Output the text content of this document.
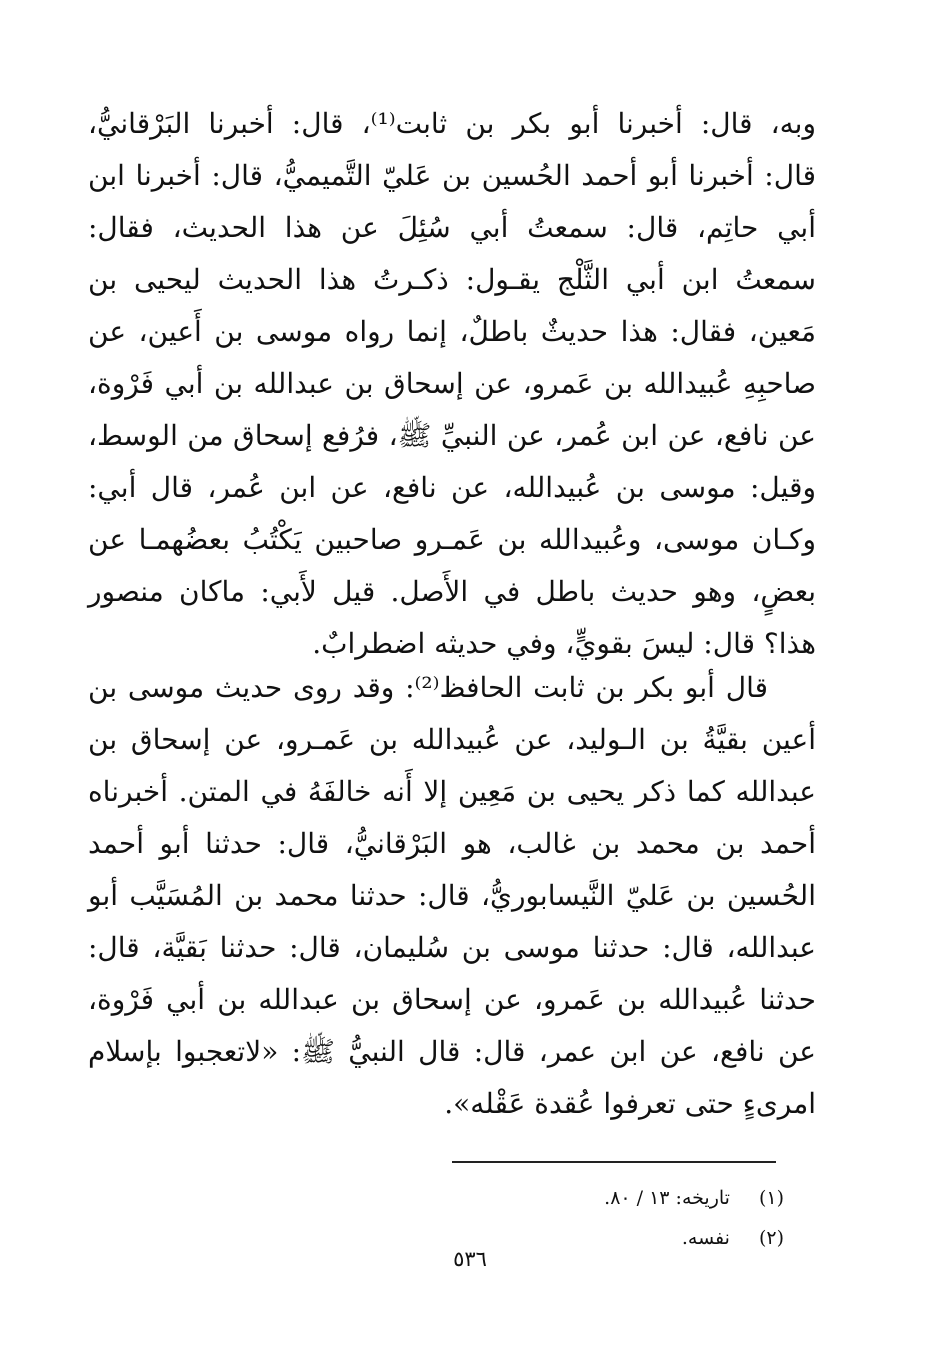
وبه، قال: أخبرنا أبو بكر بن ثابت⁽¹⁾، قال: أخبرنا البَرْقانيُّ،
قال: أخبرنا أبو أحمد الحُسين بن عَليّ التَّميميُّ، قال: أخبرنا ابن
أبي حاتِم، قال: سمعتُ أبي سُئِلَ عن هذا الحديث، فقال:
سمعتُ ابن أبي الثَّلْج يقـول: ذكـرتُ هذا الحديث ليحيى بن
مَعين، فقال: هذا حديثٌ باطلٌ، إنما رواه موسى بن أَعين، عن
صاحبِهِ عُبيدالله بن عَمرو، عن إسحاق بن عبدالله بن أبي فَرْوة،
عن نافع، عن ابن عُمر، عن النبيِّ ﷺ، فرُفع إسحاق من الوسط،
وقيل: موسى بن عُبيدالله، عن نافع، عن ابن عُمر، قال أبي:
وكـان موسى، وعُبيدالله بن عَمـرو صاحبين يَكْتُبُ بعضُهمـا عن
بعضٍ، وهو حديث باطل في الأَصل. قيل لأَبي: ماكان منصور
هذا؟ قال: ليسَ بقويٍّ، وفي حديثه اضطرابٌ.
قال أبو بكر بن ثابت الحافظ⁽²⁾: وقد روى حديث موسى بن
أعين بقيَّةُ بن الـوليد، عن عُبيدالله بن عَمـرو، عن إسحاق بن
عبدالله كما ذكر يحيى بن مَعِين إلا أَنه خالفَهُ في المتن. أخبرناه
أحمد بن محمد بن غالب، هو البَرْقانيُّ، قال: حدثنا أبو أحمد
الحُسين بن عَليّ النَّيسابوريُّ، قال: حدثنا محمد بن المُسَيَّب أبو
عبدالله، قال: حدثنا موسى بن سُليمان، قال: حدثنا بَقيَّة، قال:
حدثنا عُبيدالله بن عَمرو، عن إسحاق بن عبدالله بن أبي فَرْوة،
عن نافع، عن ابن عمر، قال: قال النبيُّ ﷺ: «لاتعجبوا بإسلام
امرىءٍ حتى تعرفوا عُقدة عَقْله».
(١) تاريخه: ١٣ / ٨٠.
(٢) نفسه.
٥٣٦
